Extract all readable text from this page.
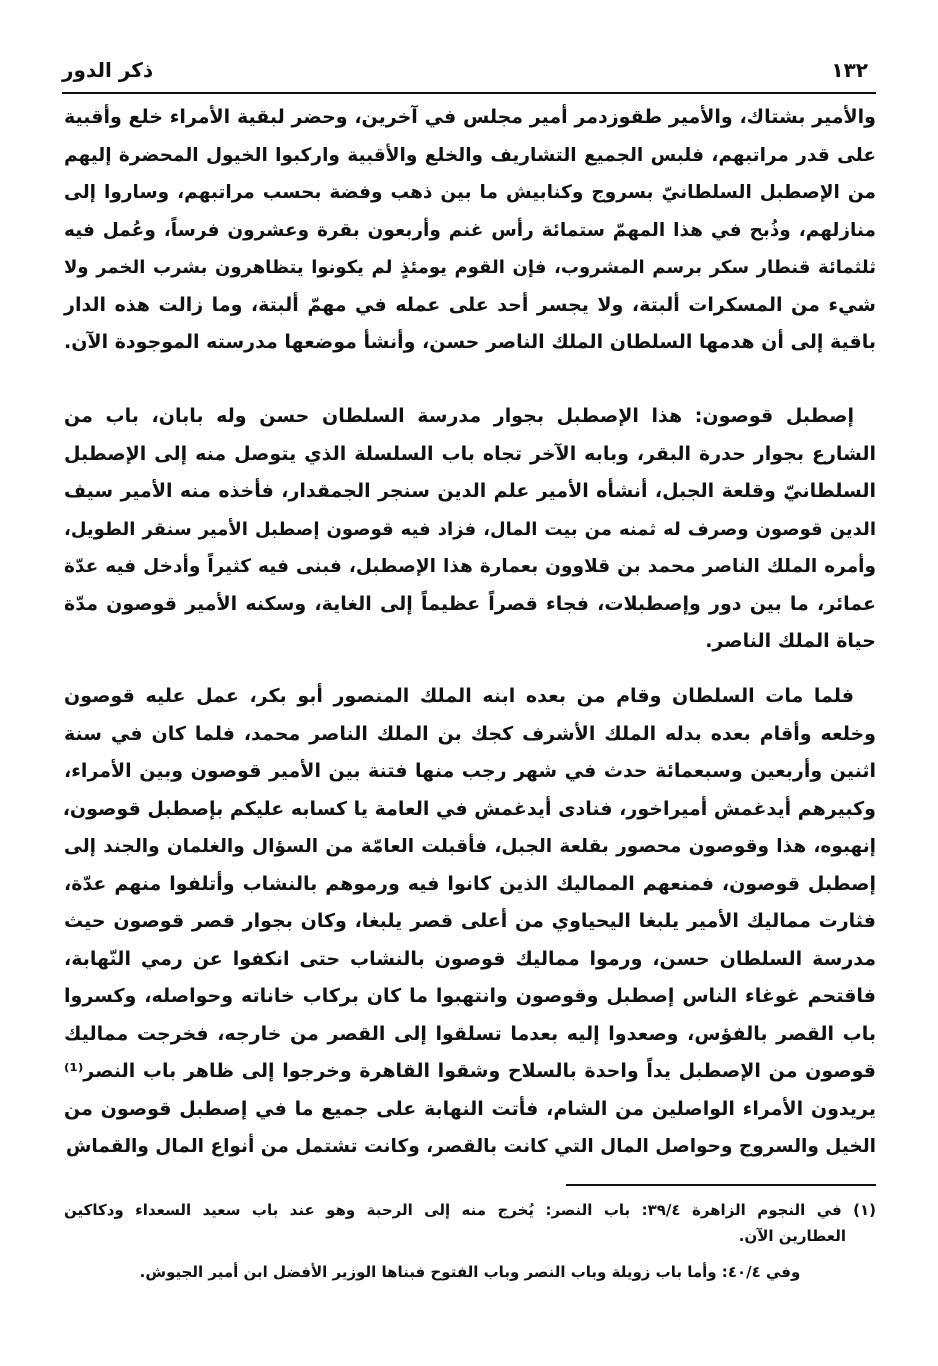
١٣٢
ذكر الدور
والأمير بشتاك، والأمير طقوزدمر أمير مجلس في آخرين، وحضر لبقية الأمراء خلع وأقبية
على قدر مراتبهم، فلبس الجميع التشاريف والخلع والأقبية واركبوا الخيول المحضرة إليهم
من الإصطبل السلطانيّ بسروج وكنابيش ما بين ذهب وفضة بحسب مراتبهم، وساروا إلى
منازلهم، وذُبح في هذا المهمّ ستمائة رأس غنم وأربعون بقرة وعشرون فرساً، وعُمل فيه
ثلثمائة قنطار سكر برسم المشروب، فإن القوم يومئذٍ لم يكونوا يتظاهرون بشرب الخمر ولا
شيء من المسكرات ألبتة، ولا يجسر أحد على عمله في مهمّ ألبتة، وما زالت هذه الدار
باقية إلى أن هدمها السلطان الملك الناصر حسن، وأنشأ موضعها مدرسته الموجودة الآن.
إصطبل قوصون: هذا الإصطبل بجوار مدرسة السلطان حسن وله بابان، باب من
الشارع بجوار حدرة البقر، وبابه الآخر تجاه باب السلسلة الذي يتوصل منه إلى الإصطبل
السلطانيّ وقلعة الجبل، أنشأه الأمير علم الدين سنجر الجمقدار، فأخذه منه الأمير سيف
الدين قوصون وصرف له ثمنه من بيت المال، فزاد فيه قوصون إصطبل الأمير سنقر الطويل،
وأمره الملك الناصر محمد بن قلاوون بعمارة هذا الإصطبل، فبنى فيه كثيراً وأدخل فيه عدّة
عمائر، ما بين دور وإصطبلات، فجاء قصراً عظيماً إلى الغاية، وسكنه الأمير قوصون مدّة
حياة الملك الناصر.
فلما مات السلطان وقام من بعده ابنه الملك المنصور أبو بكر، عمل عليه قوصون
وخلعه وأقام بعده بدله الملك الأشرف كجك بن الملك الناصر محمد، فلما كان في سنة
اثنين وأربعين وسبعمائة حدث في شهر رجب منها فتنة بين الأمير قوصون وبين الأمراء،
وكبيرهم أيدغمش أميراخور، فنادى أيدغمش في العامة يا كسابه عليكم بإصطبل قوصون،
إنهبوه، هذا وقوصون محصور بقلعة الجبل، فأقبلت العامّة من السؤال والغلمان والجند إلى
إصطبل قوصون، فمنعهم المماليك الذين كانوا فيه ورموهم بالنشاب وأتلفوا منهم عدّة،
فثارت مماليك الأمير يلبغا اليحياوي من أعلى قصر يلبغا، وكان بجوار قصر قوصون حيث
مدرسة السلطان حسن، ورموا مماليك قوصون بالنشاب حتى انكفوا عن رمي النّهابة،
فاقتحم غوغاء الناس إصطبل وقوصون وانتهبوا ما كان بركاب خاناته وحواصله، وكسروا
باب القصر بالفؤس، وصعدوا إليه بعدما تسلقوا إلى القصر من خارجه، فخرجت مماليك
قوصون من الإصطبل يداً واحدة بالسلاح وشقوا القاهرة وخرجوا إلى ظاهر باب النصر⁽¹⁾
يريدون الأمراء الواصلين من الشام، فأتت النهابة على جميع ما في إصطبل قوصون من
الخيل والسروج وحواصل المال التي كانت بالقصر، وكانت تشتمل من أنواع المال والقماش
(١) في النجوم الزاهرة ٣٩/٤: باب النصر: يُخرج منه إلى الرحبة وهو عند باب سعيد السعداء ودكاكين
العطارين الآن.
وفي ٤٠/٤: وأما باب زويلة وباب النصر وباب الفتوح فبناها الوزير الأفضل ابن أمير الجيوش.
